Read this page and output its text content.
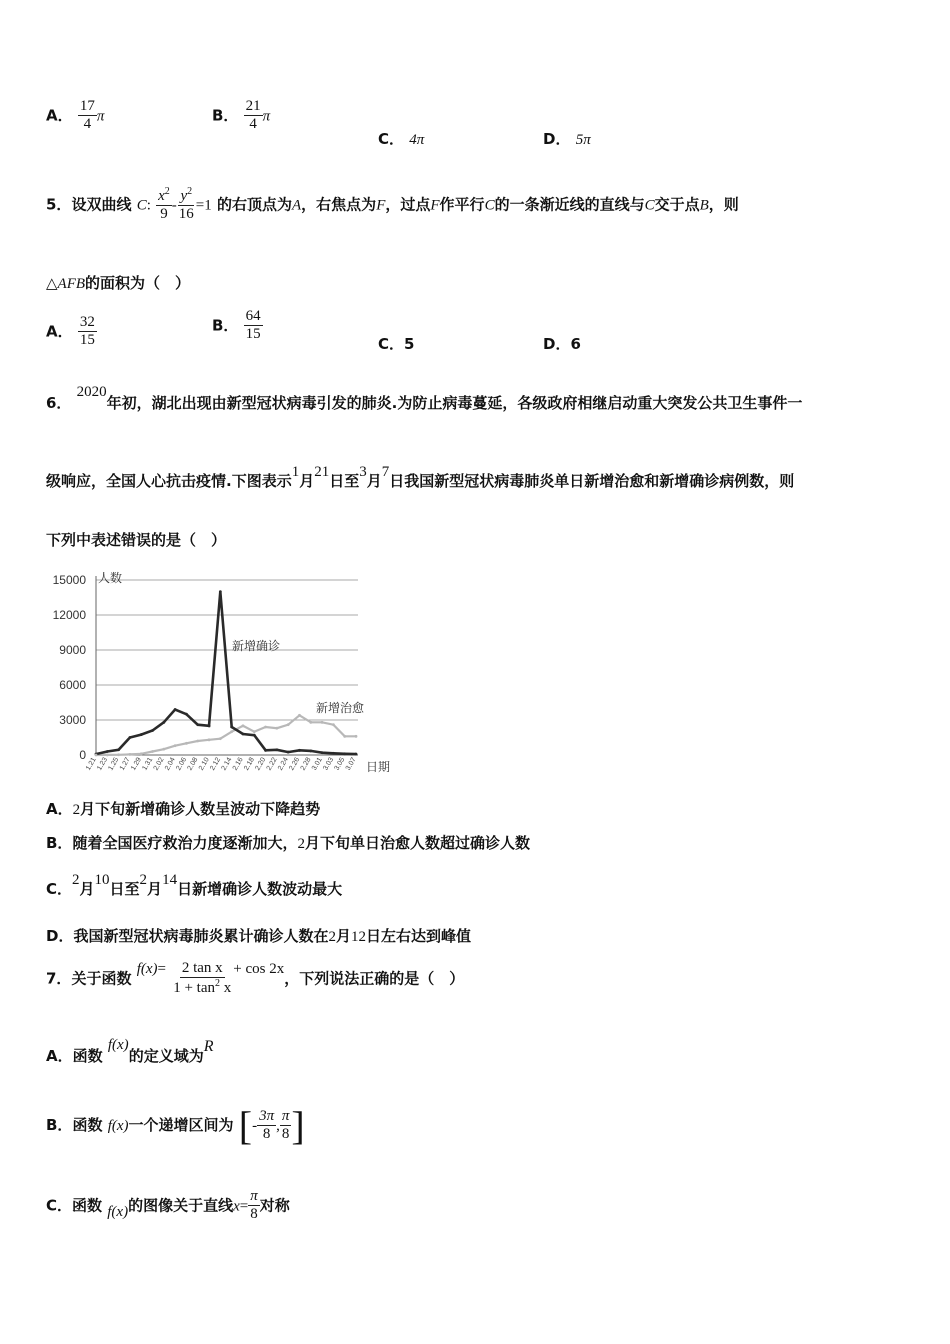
A． $\frac{17}{4}$ π	B． $\frac{21}{4}$ π
C． 4π	D． 5π
5．设双曲线 C: $\frac{x^2}{9} - \frac{y^2}{16} =1$ 的右顶点为A，右焦点为F，过点F作平行C的一条渐近线的直线与C交于点B，则
△AFB的面积为（　）
A． $\frac{32}{15}$	B． $\frac{64}{15}$
C．5	D．6
6． 2020年初，湖北出现由新型冠状病毒引发的肺炎.为防止病毒蔓延，各级政府相继启动重大突发公共卫生事件一
级响应，全国人心抗击疫情.下图表示1月21日至3月7日我国新型冠状病毒肺炎单日新增治愈和新增确诊病例数，则
下列中表述错误的是（　）
15000
12000
9000
6000
3000
0
1.21
1.23
1.25
1.27
1.29
1.31
2.02
2.04
2.06
2.08
2.10
2.12
2.14
2.16
2.18
2.20
2.22
2.24
2.26
2.28
3.01
3.03
3.05
3.07
人数
日期
新增确诊
新增治愈
A．2月下旬新增确诊人数呈波动下降趋势
B．随着全国医疗救治力度逐渐加大，2月下旬单日治愈人数超过确诊人数
C．2月10日至2月14日新增确诊人数波动最大
D．我国新型冠状病毒肺炎累计确诊人数在2月12日左右达到峰值
7．关于函数 $f(x)= \frac{\text{2 tan x}}{1 + \tan^2 x} + \cos 2x$，下列说法正确的是（　）
A．函数 f(x)的定义域为R
B．函数 f(x)一个递增区间为 [- $\frac{3\pi}{8}$ , $\frac{\pi}{8}$ ]
C．函数 f(x)的图像关于直线$x= \frac{\pi}{8}$ 对称
